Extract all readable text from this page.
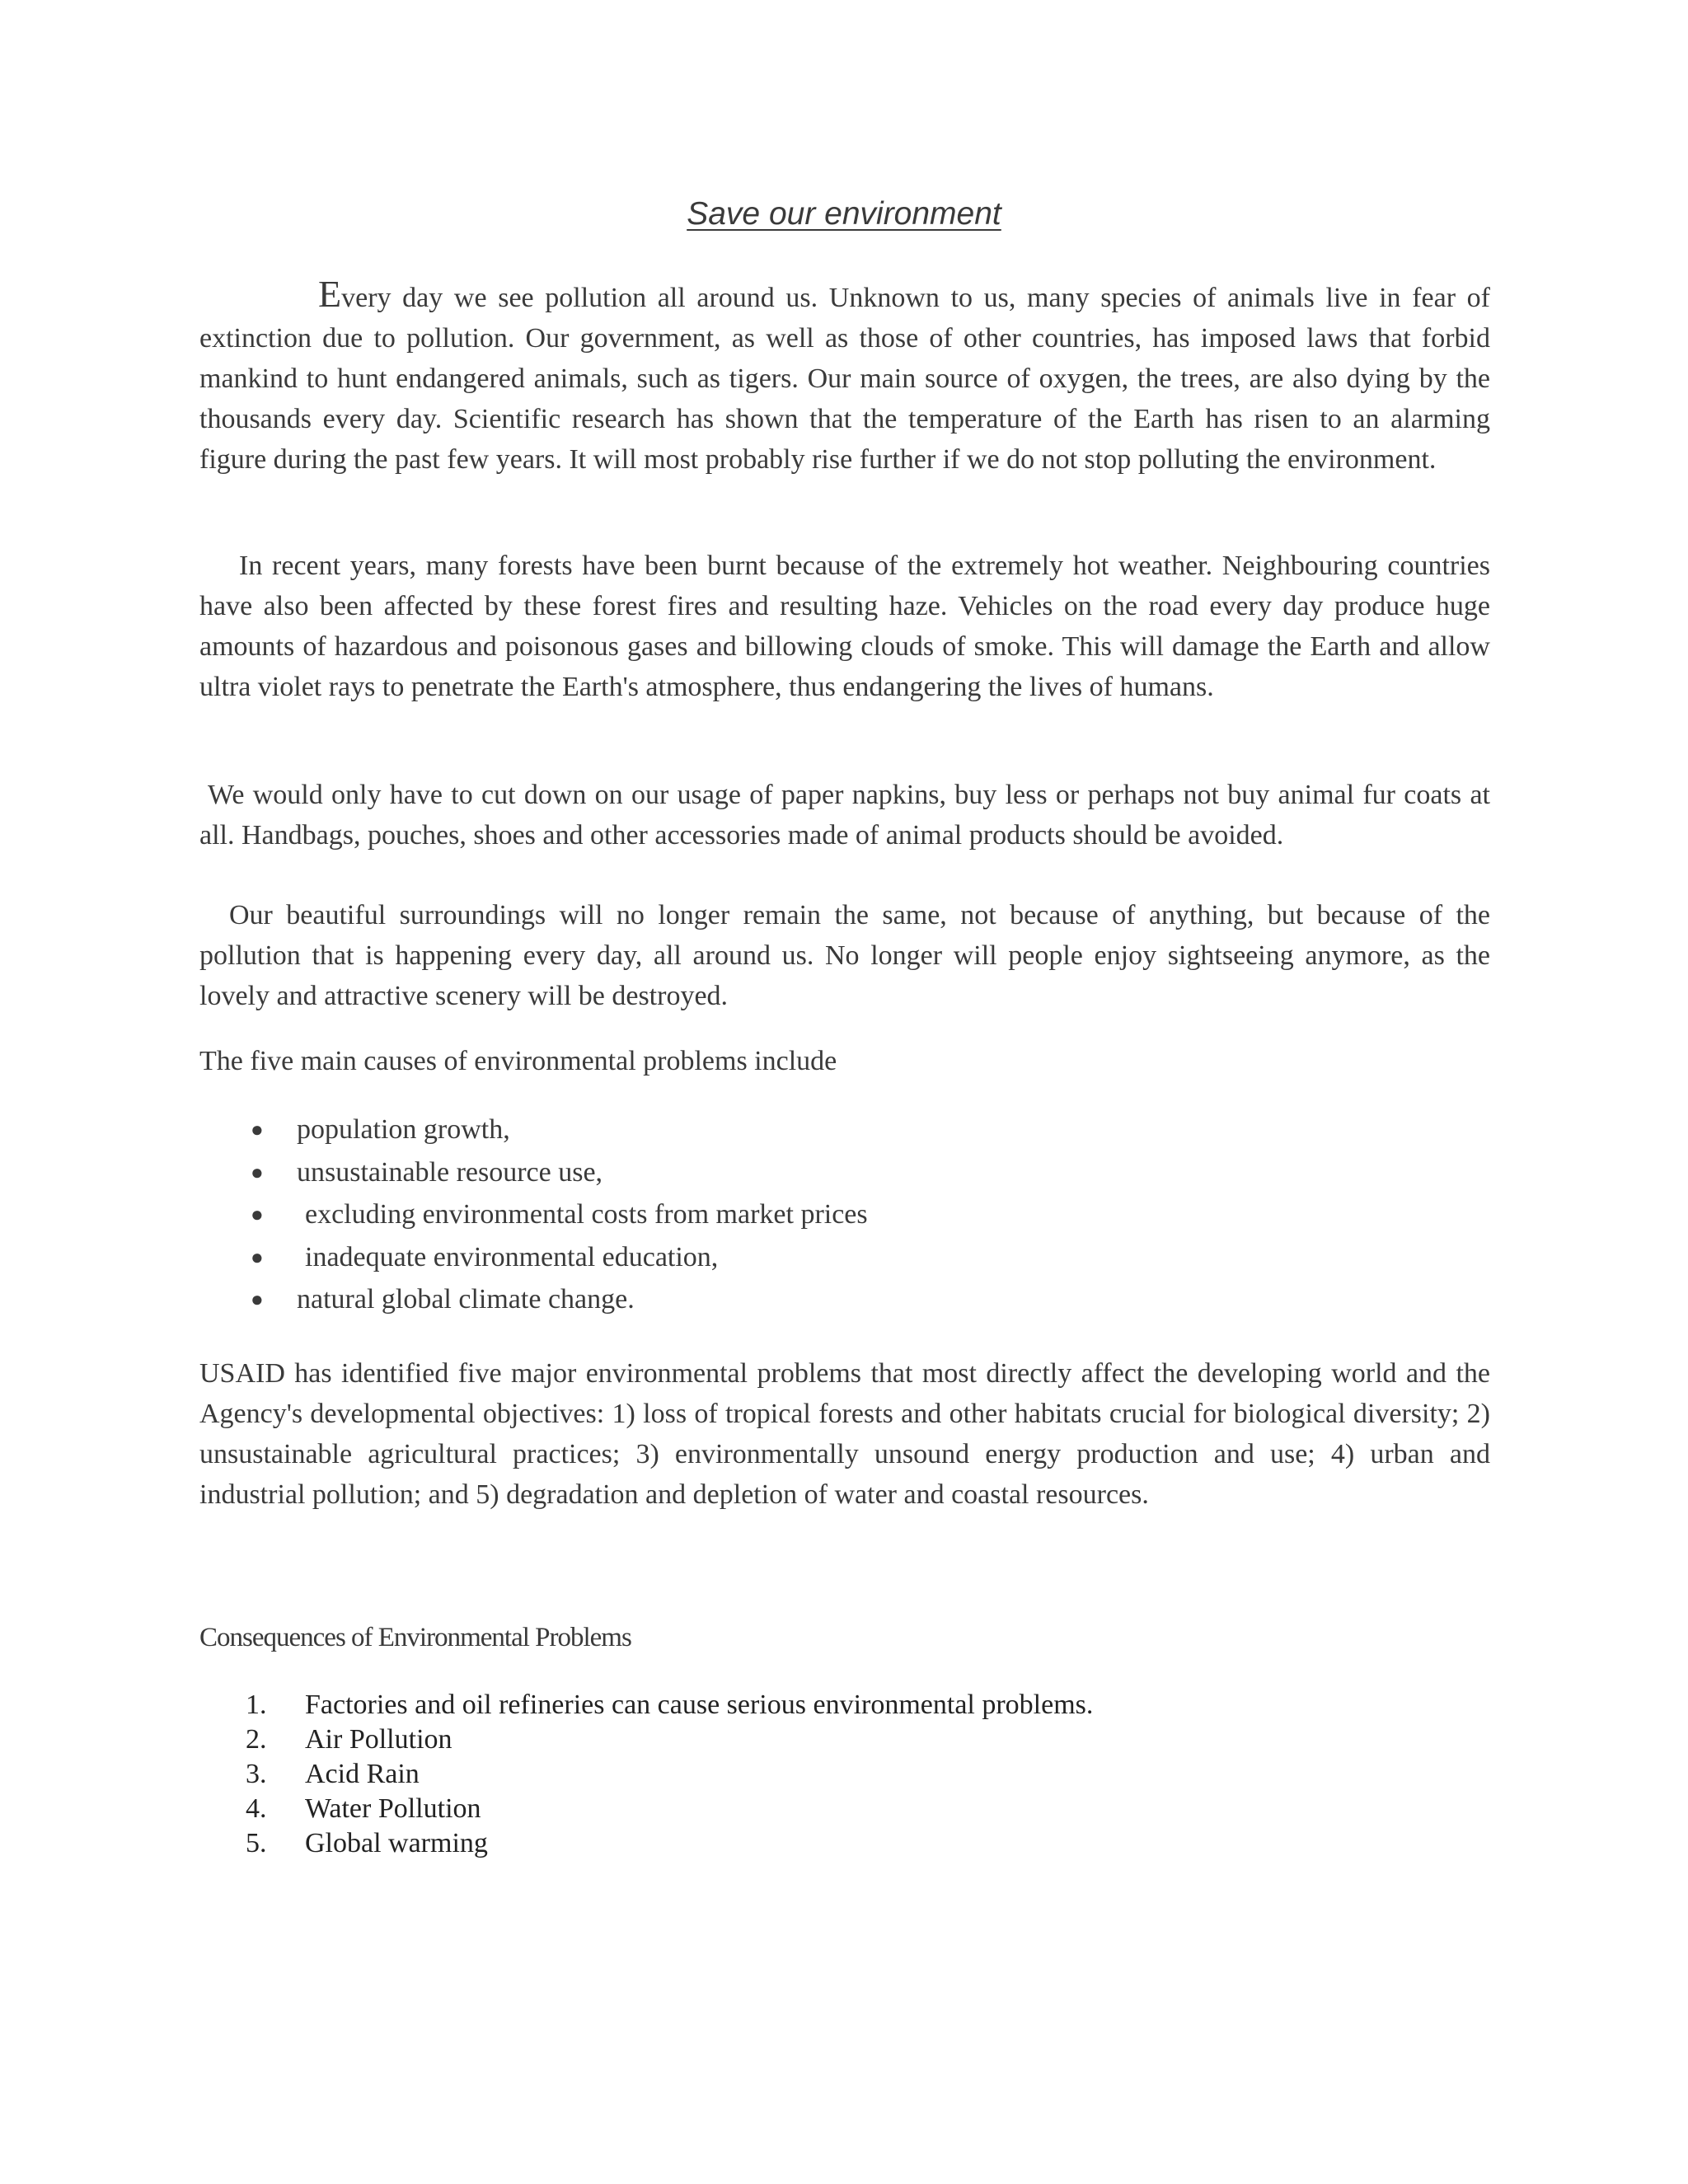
Save our environment

Every day we see pollution all around us. Unknown to us, many species of animals live in fear of extinction due to pollution. Our government, as well as those of other countries, has imposed laws that forbid mankind to hunt endangered animals, such as tigers. Our main source of oxygen, the trees, are also dying by the thousands every day. Scientific research has shown that the temperature of the Earth has risen to an alarming figure during the past few years. It will most probably rise further if we do not stop polluting the environment.

In recent years, many forests have been burnt because of the extremely hot weather. Neighbouring countries have also been affected by these forest fires and resulting haze. Vehicles on the road every day produce huge amounts of hazardous and poisonous gases and billowing clouds of smoke. This will damage the Earth and allow ultra violet rays to penetrate the Earth's atmosphere, thus endangering the lives of humans.

We would only have to cut down on our usage of paper napkins, buy less or perhaps not buy animal fur coats at all. Handbags, pouches, shoes and other accessories made of animal products should be avoided.

Our beautiful surroundings will no longer remain the same, not because of anything, but because of the pollution that is happening every day, all around us. No longer will people enjoy sightseeing anymore, as the lovely and attractive scenery will be destroyed.

The five main causes of environmental problems include

● population growth,
● unsustainable resource use,
● excluding environmental costs from market prices
● inadequate environmental education,
● natural global climate change.

USAID has identified five major environmental problems that most directly affect the developing world and the Agency's developmental objectives: 1) loss of tropical forests and other habitats crucial for biological diversity; 2) unsustainable agricultural practices; 3) environmentally unsound energy production and use; 4) urban and industrial pollution; and 5) degradation and depletion of water and coastal resources.

Consequences of Environmental Problems
1. Factories and oil refineries can cause serious environmental problems.
2. Air Pollution
3. Acid Rain
4. Water Pollution
5. Global warming
